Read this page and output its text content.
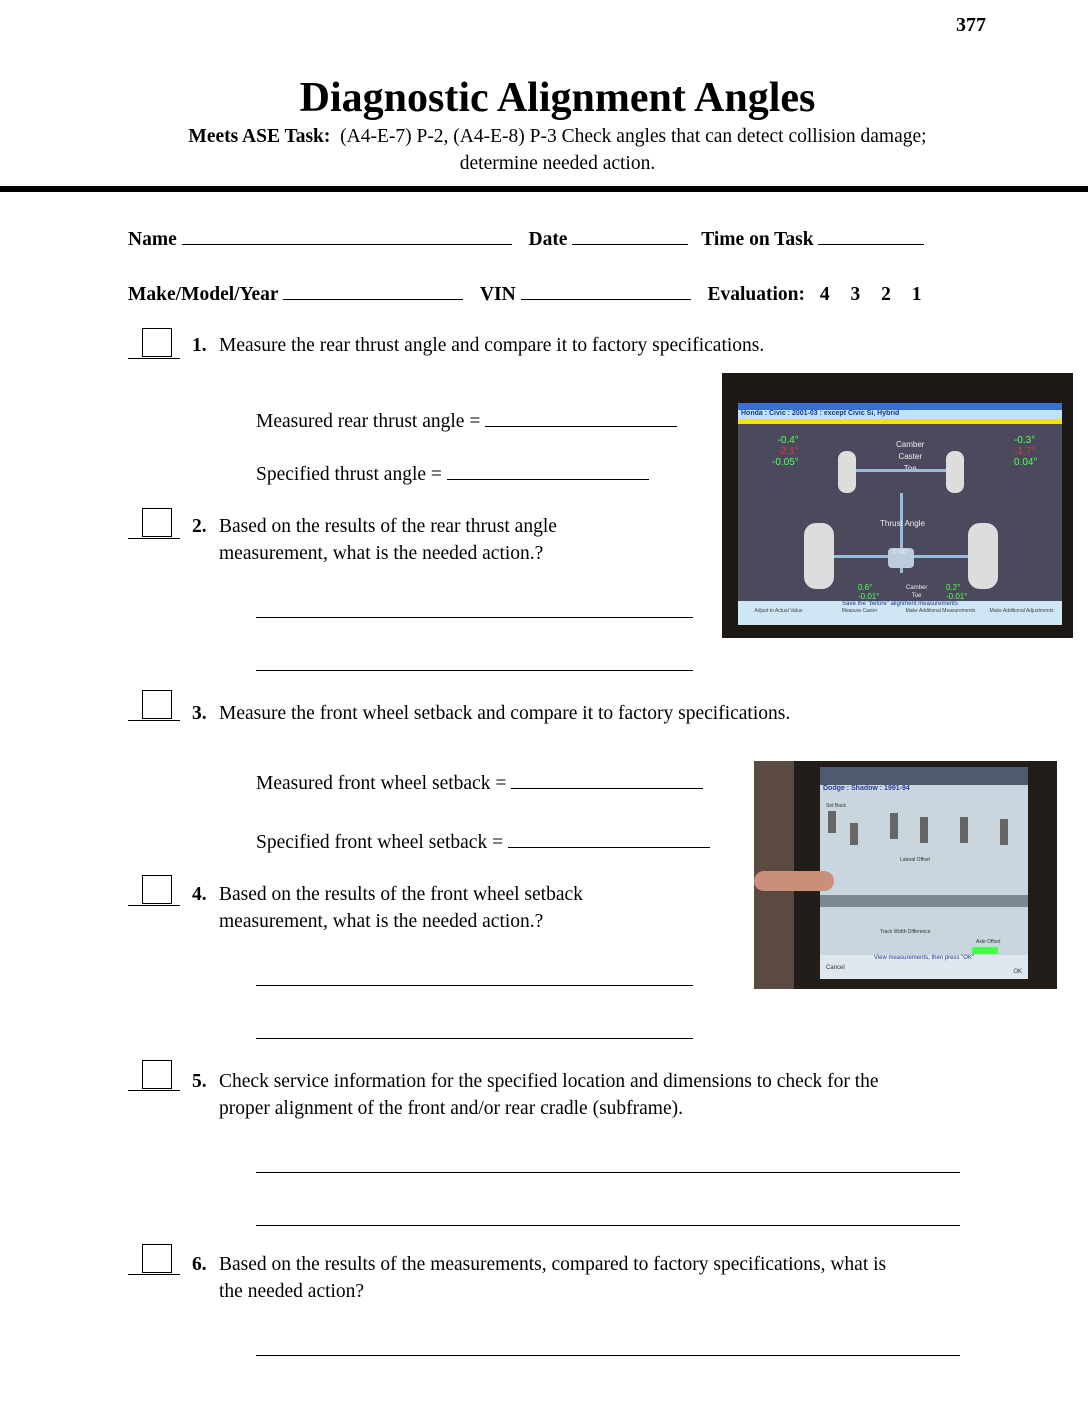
377
Diagnostic Alignment Angles
Meets ASE Task: (A4-E-7) P-2, (A4-E-8) P-3 Check angles that can detect collision damage;
determine needed action.
Name	Date	Time on Task
Make/Model/Year	VIN	Evaluation: 4 3 2 1
1. Measure the rear thrust angle and compare it to factory specifications.
Measured rear thrust angle =
Specified thrust angle =
2. Based on the results of the rear thrust angle
measurement, what is the needed action.?
Honda : Civic : 2001-03 : except Civic Si, Hybrid
-0.4°
-2.1°
-0.05°
Camber
Caster
-0.3°
-1.7°
0.04°
Thrust Angle
0.00°
0.6°
-0.01°
Camber
Toe
0.2°
-0.01°
Save the "before" alignment measurements
Adjust to Actual Value	Measure Caster	Make Additional Measurements	Make Additional Adjustments
3. Measure the front wheel setback and compare it to factory specifications.
Measured front wheel setback =
Specified front wheel setback =
4. Based on the results of the front wheel setback
measurement, what is the needed action.?
Dodge : Shadow : 1991-94
Set Back
Lateral Offset
Track Width Difference
Axle Offset
View measurements, then press "OK"
Cancel
OK
5. Check service information for the specified location and dimensions to check for the
proper alignment of the front and/or rear cradle (subframe).
6. Based on the results of the measurements, compared to factory specifications, what is
the needed action?
